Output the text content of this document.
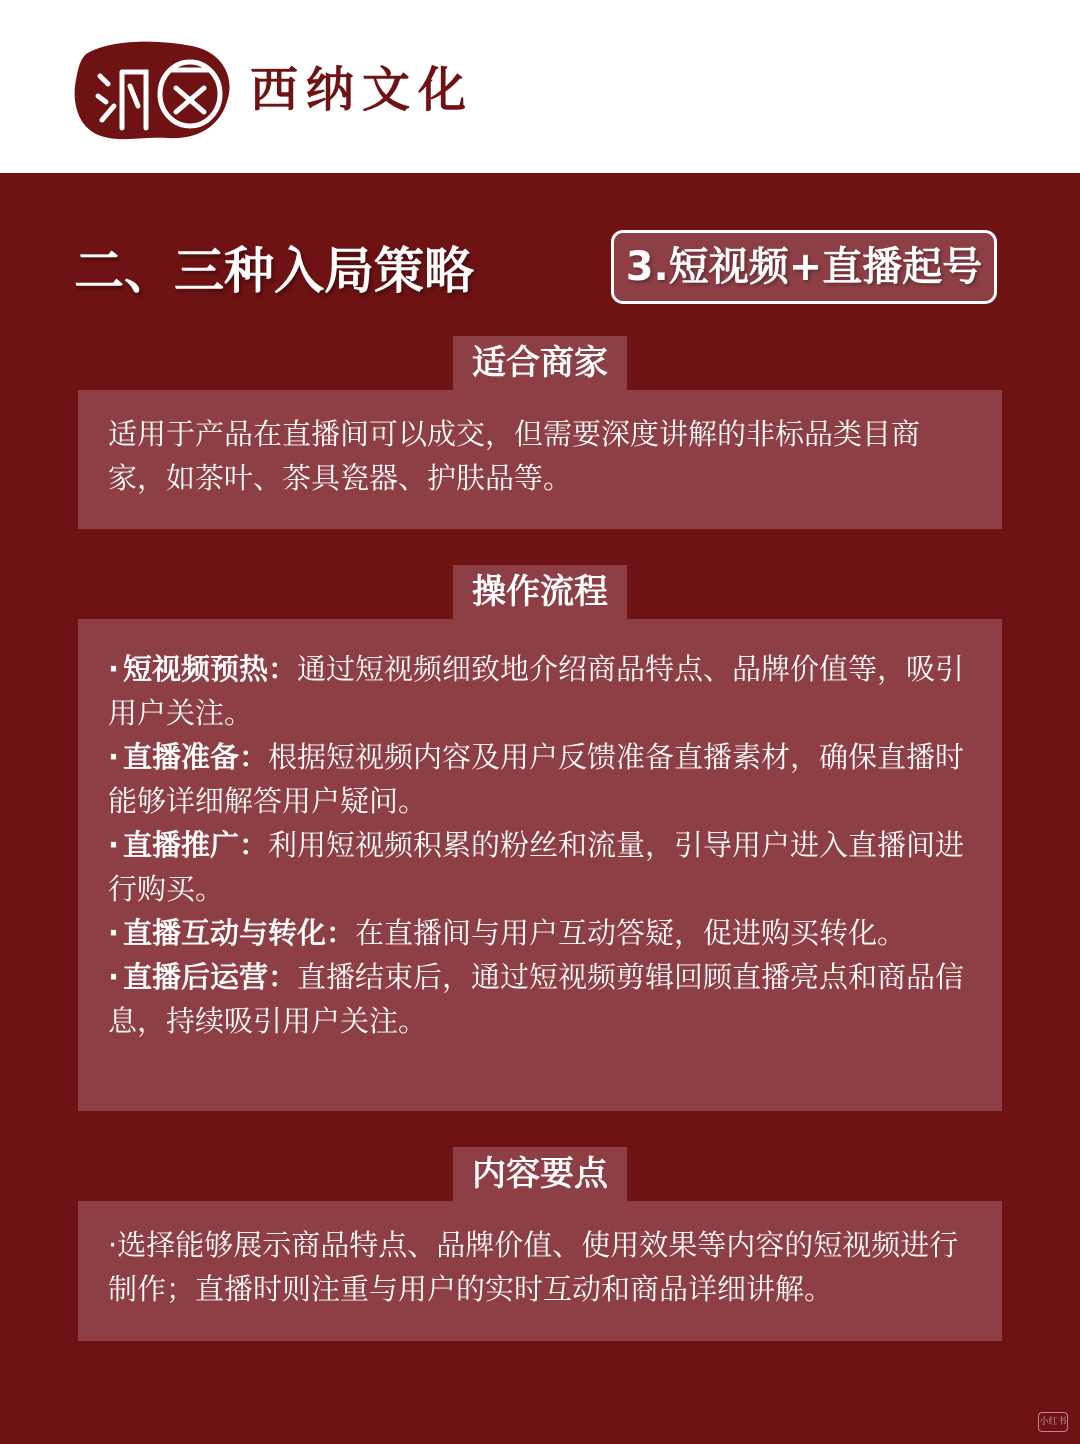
西纳文化
二、三种入局策略	3.短视频+直播起号
适合商家

适用于产品在直播间可以成交，但需要深度讲解的非标品类目商家，如茶叶、茶具瓷器、护肤品等。

操作流程

· 短视频预热：通过短视频细致地介绍商品特点、品牌价值等，吸引用户关注。

· 直播准备：根据短视频内容及用户反馈准备直播素材，确保直播时能够详细解答用户疑问。

· 直播推广：利用短视频积累的粉丝和流量，引导用户进入直播间进行购买。

· 直播互动与转化：在直播间与用户互动答疑，促进购买转化。

· 直播后运营：直播结束后，通过短视频剪辑回顾直播亮点和商品信息，持续吸引用户关注。

内容要点

·选择能够展示商品特点、品牌价值、使用效果等内容的短视频进行制作；直播时则注重与用户的实时互动和商品详细讲解。

小红书
